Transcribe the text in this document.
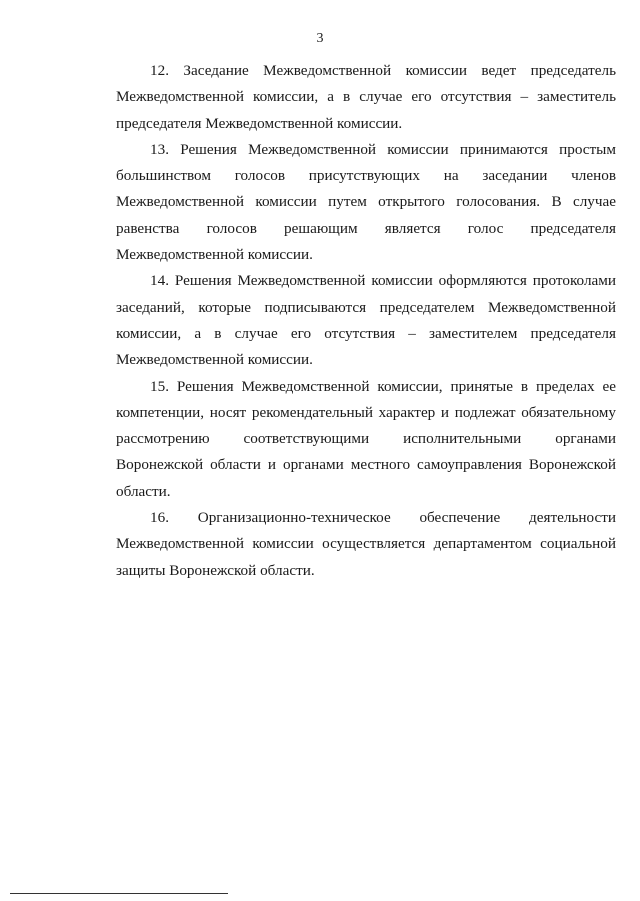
3

12. Заседание Межведомственной комиссии ведет председатель Межведомственной комиссии, а в случае его отсутствия – заместитель председателя Межведомственной комиссии.

13. Решения Межведомственной комиссии принимаются простым большинством голосов присутствующих на заседании членов Межведомственной комиссии путем открытого голосования. В случае равенства голосов решающим является голос председателя Межведомственной комиссии.

14. Решения Межведомственной комиссии оформляются протоколами заседаний, которые подписываются председателем Межведомственной комиссии, а в случае его отсутствия – заместителем председателя Межведомственной комиссии.

15. Решения Межведомственной комиссии, принятые в пределах ее компетенции, носят рекомендательный характер и подлежат обязательному рассмотрению соответствующими исполнительными органами Воронежской области и органами местного самоуправления Воронежской области.

16. Организационно-техническое обеспечение деятельности Межведомственной комиссии осуществляется департаментом социальной защиты Воронежской области.
